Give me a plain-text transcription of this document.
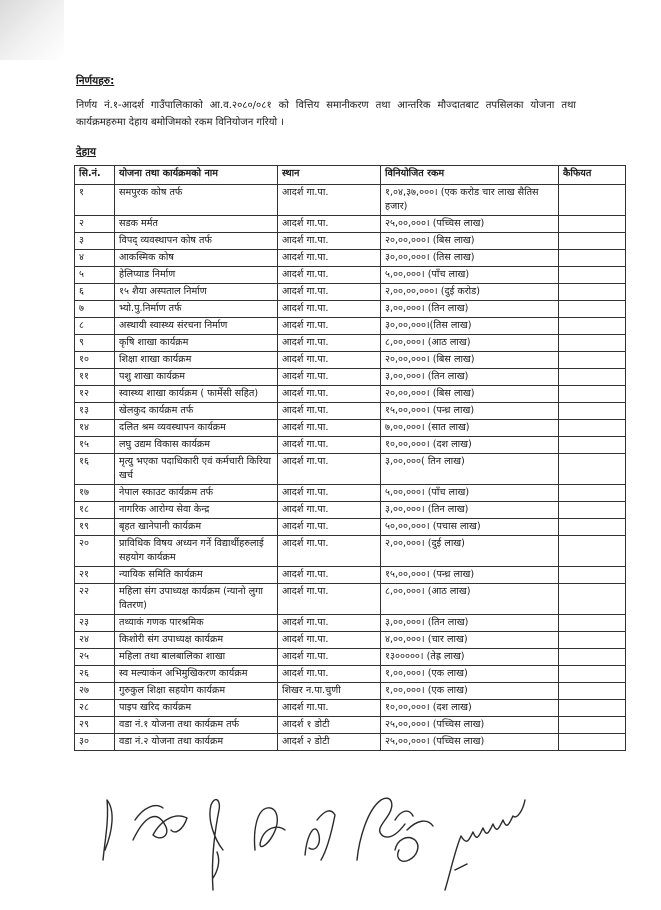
निर्णयहरु:
निर्णय नं.१-आदर्श गाउँपालिकाको आ.व.२०८०/०८१ को वित्तिय समानीकरण तथा आन्तरिक मौज्दातबाट तपसिलका योजना तथा कार्यक्रमहरुमा देहाय बमोजिमको रकम विनियोजन गरियो ।
देहाय
सि.नं.	योजना तथा कार्यक्रमको नाम	स्थान	विनियोजित रकम	कैफियत
१	समपुरक कोष तर्फ	आदर्श गा.पा.	१,०४,३७,०००। (एक करोड चार लाख सैतिस हजार)	
२	सडक मर्मत	आदर्श गा.पा.	२५,००,०००। (पच्चिस लाख)	
३	विपद् व्यवस्थापन कोष तर्फ	आदर्श गा.पा.	२०,००,०००। (बिस लाख)	
४	आकस्मिक कोष	आदर्श गा.पा.	३०,००,०००। (तिस लाख)	
५	हेलिप्याड निर्माण	आदर्श गा.पा.	५,००,०००। (पाँच लाख)	
६	१५ शैया अस्पताल निर्माण	आदर्श गा.पा.	२,००,००,०००। (दुई करोड)	
७	भ्यो.पु.निर्माण तर्फ	आदर्श गा.पा.	३,००,०००। (तिन लाख)	
८	अस्थायी स्वास्थ्य संरचना निर्माण	आदर्श गा.पा.	३०,००,०००।(तिस लाख)	
९	कृषि शाखा कार्यक्रम	आदर्श गा.पा.	८,००,०००। (आठ लाख)	
१०	शिक्षा शाखा कार्यक्रम	आदर्श गा.पा.	२०,००,०००। (बिस लाख)	
११	पशु शाखा कार्यक्रम	आदर्श गा.पा.	३,००,०००। (तिन लाख)	
१२	स्वास्थ्य शाखा कार्यक्रम ( फार्मेसी सहित)	आदर्श गा.पा.	२०,००,०००। (बिस लाख)	
१३	खेलकुद कार्यक्रम तर्फ	आदर्श गा.पा.	१५,००,०००। (पन्ध्र लाख)	
१४	दलित श्रम व्यवस्थापन कार्यक्रम	आदर्श गा.पा.	७,००,०००। (सात लाख)	
१५	लघु उद्यम विकास कार्यक्रम	आदर्श गा.पा.	१०,००,०००। (दश लाख)	
१६	मृत्यु भएका पदाधिकारी एवं कर्मचारी किरिया खर्च	आदर्श गा.पा.	३,००,०००( तिन लाख)	
१७	नेपाल स्काउट कार्यक्रम तर्फ	आदर्श गा.पा.	५,००,०००। (पाँच लाख)	
१८	नागरिक आरोग्य सेवा केन्द्र	आदर्श गा.पा.	३,००,०००। (तिन लाख)	
१९	बृहत खानेपानी कार्यक्रम	आदर्श गा.पा.	५०,००,०००। (पचास लाख)	
२०	प्राविधिक विषय अध्यन गर्ने विद्यार्थीहरुलाई सहयोग कार्यक्रम	आदर्श गा.पा.	२,००,०००। (दुई लाख)	
२१	न्यायिक समिति कार्यक्रम	आदर्श गा.पा.	१५,००,०००। (पन्ध्र लाख)	
२२	महिला संग उपाध्यक्ष कार्यक्रम (न्यानो लुगा वितरण)	आदर्श गा.पा.	८,००,०००। (आठ लाख)	
२३	तथ्याकं गणक पारश्रमिक	आदर्श गा.पा.	३,००,०००। (तिन लाख)	
२४	किशोरी संग उपाध्यक्ष कार्यक्रम	आदर्श गा.पा.	४,००,०००। (चार लाख)	
२५	महिला तथा बालबालिका शाखा	आदर्श गा.पा.	१३०००००। (तेह्र लाख)	
२६	स्व मल्याकंन अभिमुखिकरण कार्यक्रम	आदर्श गा.पा.	१,००,०००। (एक लाख)	
२७	गुरुकुल शिक्षा सहयोग कार्यक्रम	शिखर न.पा.चुणी	१,००,०००। (एक लाख)	
२८	पाइप खरिद कार्यक्रम	आदर्श गा.पा.	१०,००,०००। (दश लाख)	
२९	वडा नं.१ योजना तथा कार्यक्रम तर्फ	आदर्श १ डोटी	२५,००,०००। (पच्चिस लाख)	
३०	वडा नं.२ योजना तथा कार्यक्रम	आदर्श २ डोटी	२५,००,०००। (पच्चिस लाख)	
